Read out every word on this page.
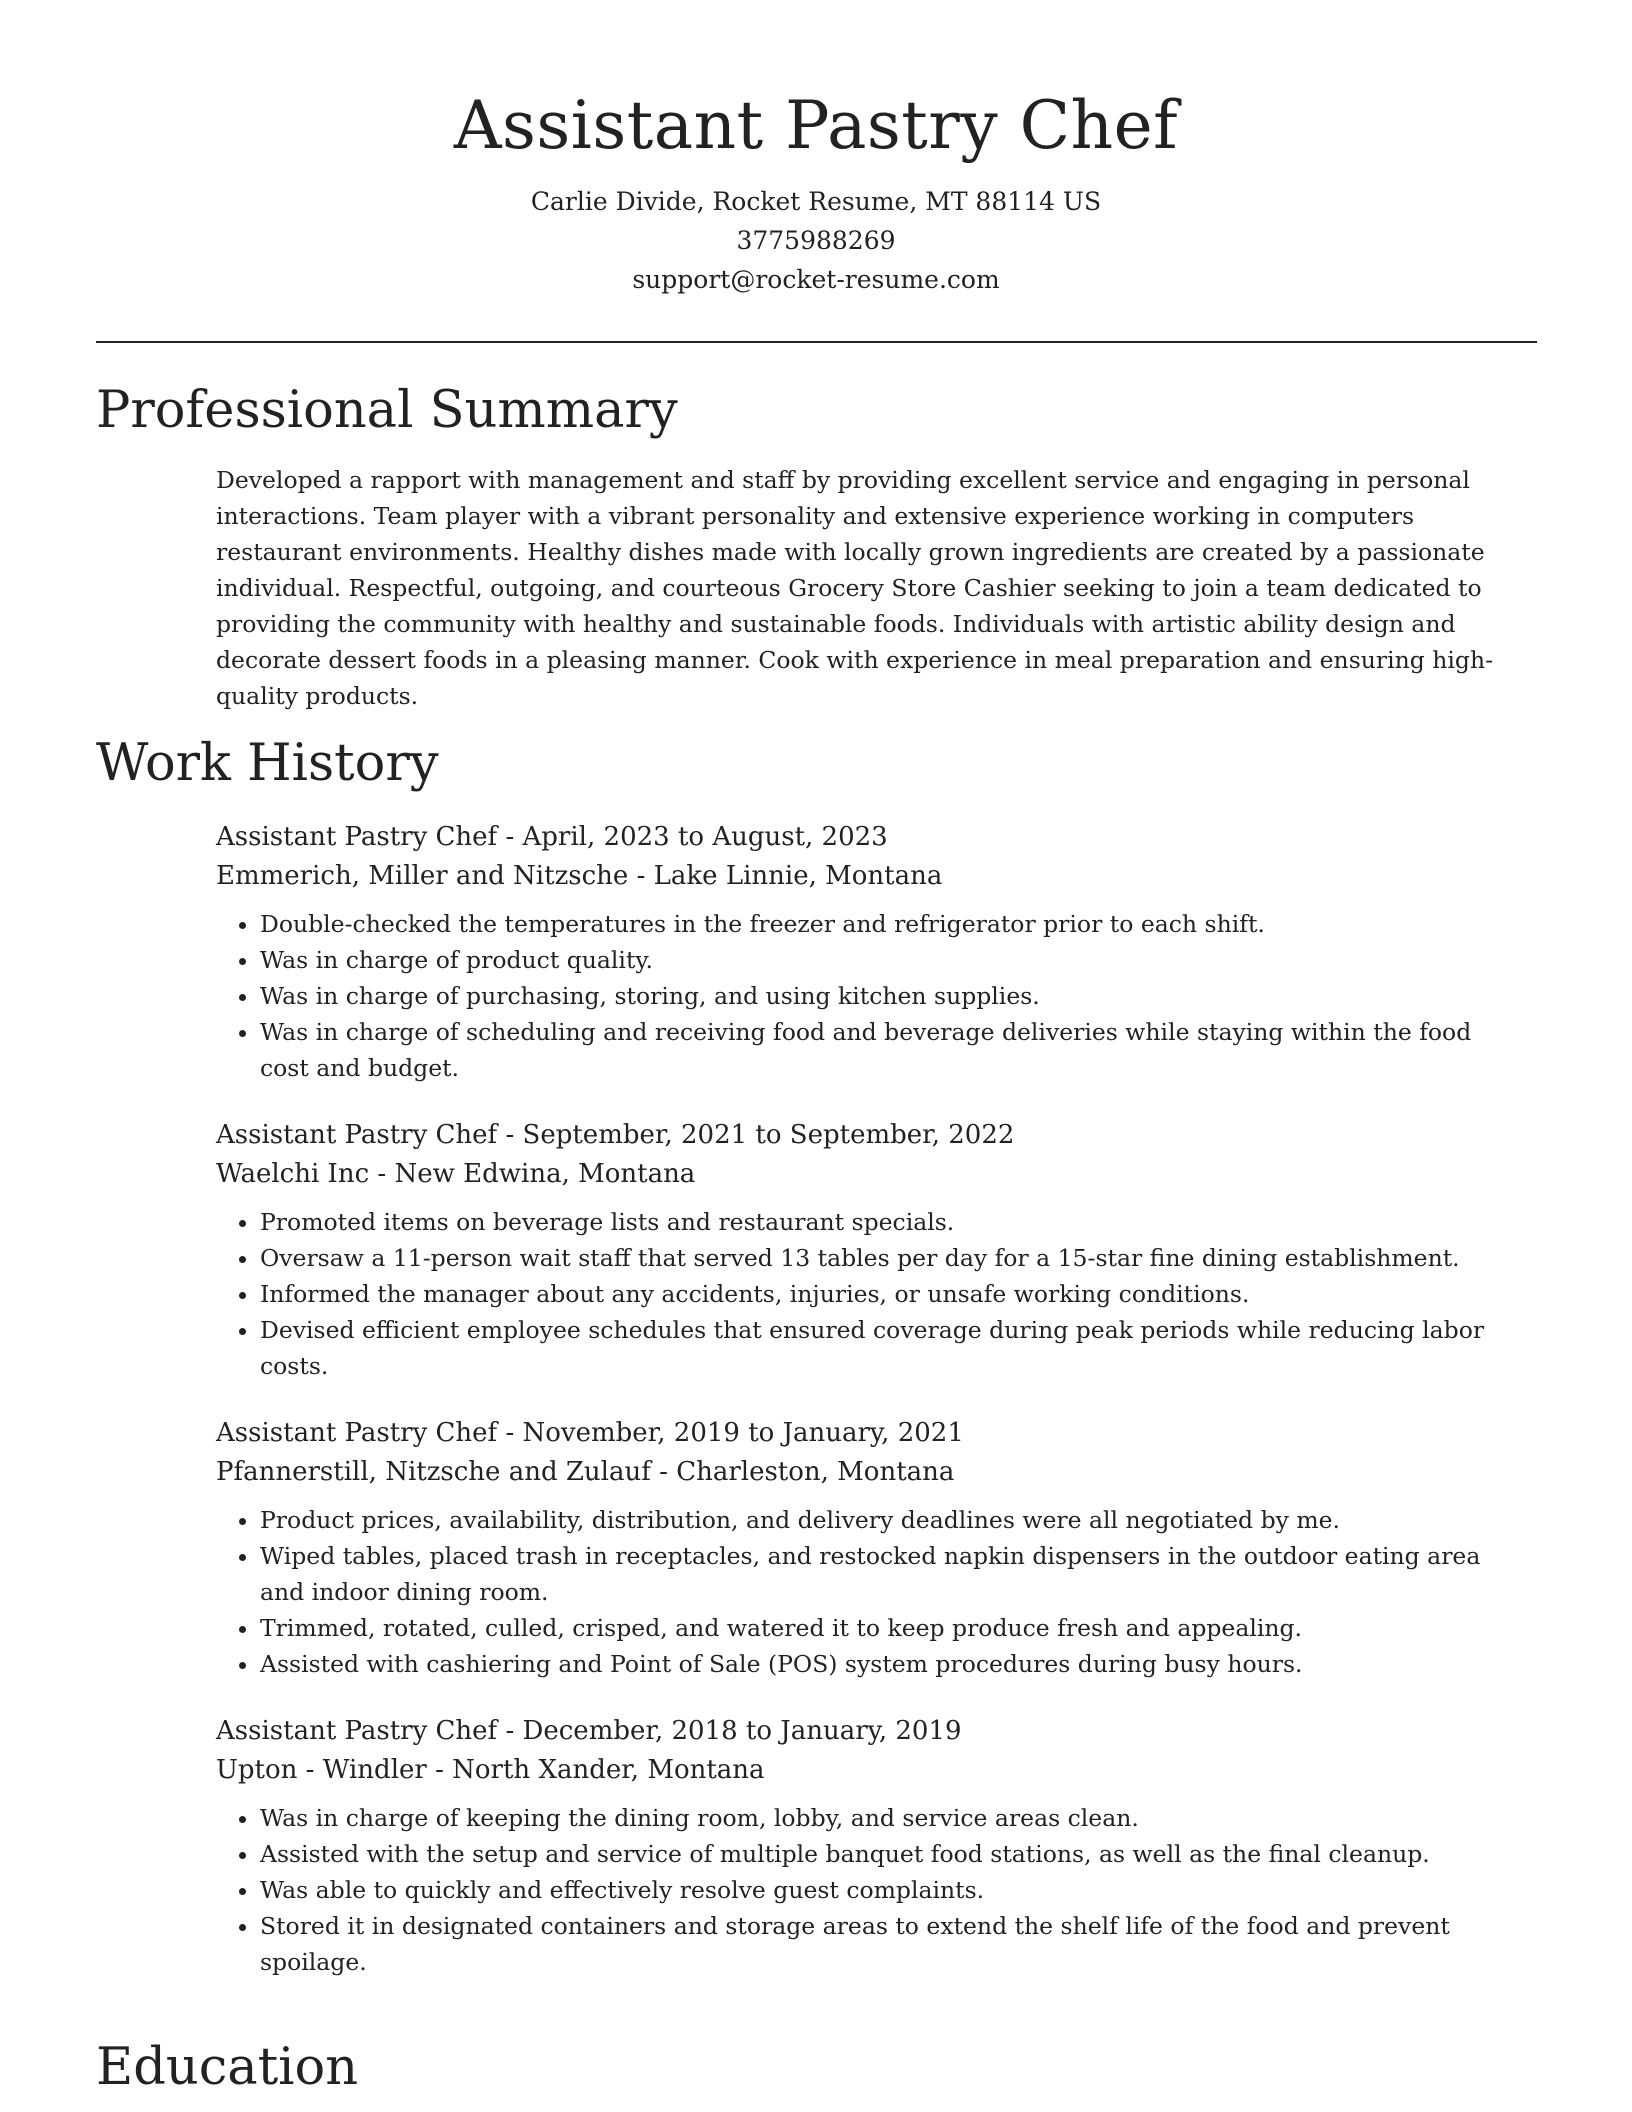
Assistant Pastry Chef
Carlie Divide, Rocket Resume, MT 88114 US
3775988269
support@rocket-resume.com
Professional Summary
Developed a rapport with management and staff by providing excellent service and engaging in personal interactions. Team player with a vibrant personality and extensive experience working in computers restaurant environments. Healthy dishes made with locally grown ingredients are created by a passionate individual. Respectful, outgoing, and courteous Grocery Store Cashier seeking to join a team dedicated to providing the community with healthy and sustainable foods. Individuals with artistic ability design and decorate dessert foods in a pleasing manner. Cook with experience in meal preparation and ensuring high-quality products.
Work History
Assistant Pastry Chef - April, 2023 to August, 2023
Emmerich, Miller and Nitzsche - Lake Linnie, Montana
• Double-checked the temperatures in the freezer and refrigerator prior to each shift.
• Was in charge of product quality.
• Was in charge of purchasing, storing, and using kitchen supplies.
• Was in charge of scheduling and receiving food and beverage deliveries while staying within the food cost and budget.
Assistant Pastry Chef - September, 2021 to September, 2022
Waelchi Inc - New Edwina, Montana
• Promoted items on beverage lists and restaurant specials.
• Oversaw a 11-person wait staff that served 13 tables per day for a 15-star fine dining establishment.
• Informed the manager about any accidents, injuries, or unsafe working conditions.
• Devised efficient employee schedules that ensured coverage during peak periods while reducing labor costs.
Assistant Pastry Chef - November, 2019 to January, 2021
Pfannerstill, Nitzsche and Zulauf - Charleston, Montana
• Product prices, availability, distribution, and delivery deadlines were all negotiated by me.
• Wiped tables, placed trash in receptacles, and restocked napkin dispensers in the outdoor eating area and indoor dining room.
• Trimmed, rotated, culled, crisped, and watered it to keep produce fresh and appealing.
• Assisted with cashiering and Point of Sale (POS) system procedures during busy hours.
Assistant Pastry Chef - December, 2018 to January, 2019
Upton - Windler - North Xander, Montana
• Was in charge of keeping the dining room, lobby, and service areas clean.
• Assisted with the setup and service of multiple banquet food stations, as well as the final cleanup.
• Was able to quickly and effectively resolve guest complaints.
• Stored it in designated containers and storage areas to extend the shelf life of the food and prevent spoilage.
Education
